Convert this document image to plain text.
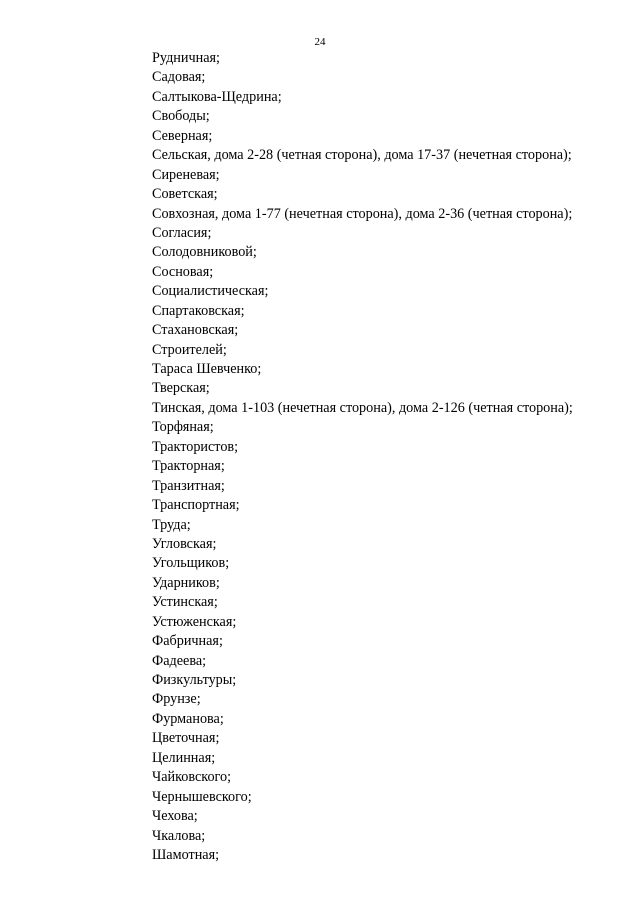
24
Рудничная;
Садовая;
Салтыкова-Щедрина;
Свободы;
Северная;
Сельская, дома 2-28 (четная сторона), дома 17-37 (нечетная сторона);
Сиреневая;
Советская;
Совхозная, дома 1-77 (нечетная сторона), дома 2-36 (четная сторона);
Согласия;
Солодовниковой;
Сосновая;
Социалистическая;
Спартаковская;
Стахановская;
Строителей;
Тараса Шевченко;
Тверская;
Тинская, дома 1-103 (нечетная сторона), дома 2-126 (четная сторона);
Торфяная;
Трактористов;
Тракторная;
Транзитная;
Транспортная;
Труда;
Угловская;
Угольщиков;
Ударников;
Устинская;
Устюженская;
Фабричная;
Фадеева;
Физкультуры;
Фрунзе;
Фурманова;
Цветочная;
Целинная;
Чайковского;
Чернышевского;
Чехова;
Чкалова;
Шамотная;
